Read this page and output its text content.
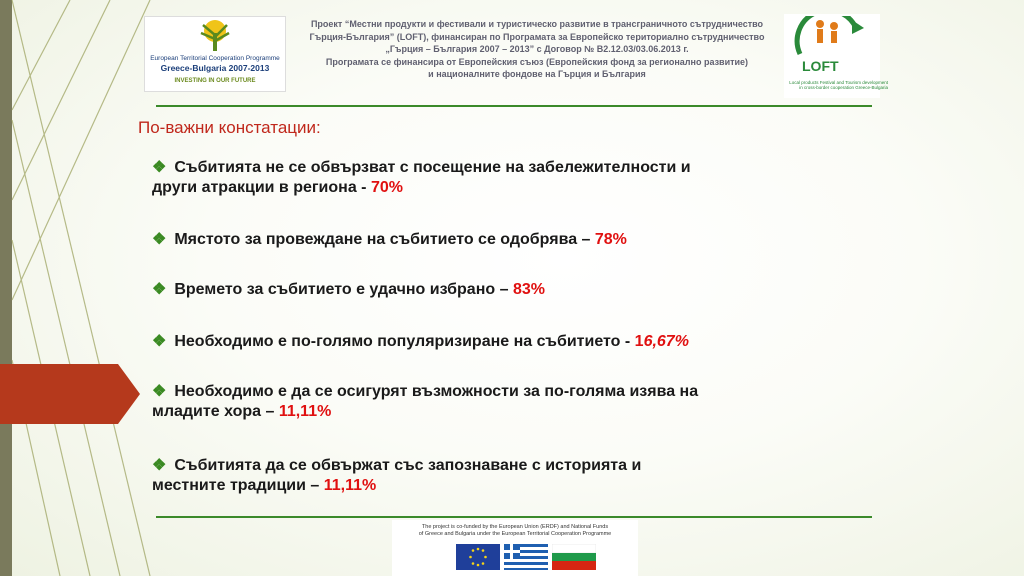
European Territorial Cooperation Programme
Greece-Bulgaria 2007-2013
INVESTING IN OUR FUTURE
Проект “Местни продукти и фестивали и туристическо развитие в трансграничното сътрудничество
Гърция-България” (LOFT), финансиран по Програмата за Европейско териториално сътрудничество
„Гърция – България 2007 – 2013” с Договор № B2.12.03/03.06.2013 г.
Програмата се финансира от Европейския съюз (Европейския фонд за регионално развитие)
и националните фондове на Гърция и България	LOFT
Local products Festival and Tourism development
in cross-border cooperation Greece-Bulgaria
По-важни констатации:
❖ Събитията не се обвързват с посещение на забележителности и
други атракции в региона - 70%
❖ Мястото за провеждане на събитието се одобрява – 78%
❖ Времето за събитието е удачно избрано – 83%
❖ Необходимо е по-голямо популяризиране на събитието - 16,67%
❖ Необходимо е да се осигурят възможности за по-голяма изява на
младите хора – 11,11%
❖ Събитията да се обвържат със запознаване с историята и
местните традиции – 11,11%
The project is co-funded by the European Union (ERDF) and National Funds
of Greece and Bulgaria under the European Territorial Cooperation Programme
